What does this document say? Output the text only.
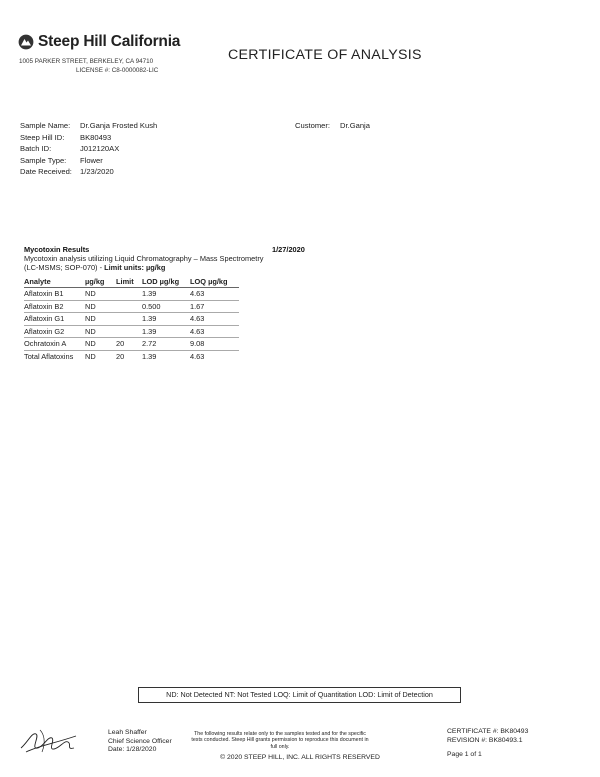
Steep Hill California
1005 PARKER STREET, BERKELEY, CA 94710
LICENSE #: C8-0000082-LIC
CERTIFICATE OF ANALYSIS
Sample Name:	Dr.Ganja Frosted Kush
Steep Hill ID:	BK80493
Batch ID:	J012120AX
Sample Type:	Flower
Date Received:	1/23/2020
Customer:	Dr.Ganja
Mycotoxin Results	1/27/2020
Mycotoxin analysis utilizing Liquid Chromatography – Mass Spectrometry (LC-MSMS; SOP-070) - Limit units: µg/kg
Analyte	µg/kg	Limit	LOD µg/kg	LOQ µg/kg
Aflatoxin B1	ND		1.39	4.63
Aflatoxin B2	ND		0.500	1.67
Aflatoxin G1	ND		1.39	4.63
Aflatoxin G2	ND		1.39	4.63
Ochratoxin A	ND	20	2.72	9.08
Total Aflatoxins	ND	20	1.39	4.63
ND: Not Detected NT: Not Tested LOQ: Limit of Quantitation LOD: Limit of Detection
Leah Shaffer
Chief Science Officer
Date: 1/28/2020
The following results relate only to the samples tested and for the specific tests conducted. Steep Hill grants permission to reproduce this document in full only.
CERTIFICATE #: BK80493
REVISION #: BK80493.1
Page 1 of 1
© 2020 STEEP HILL, INC. ALL RIGHTS RESERVED
